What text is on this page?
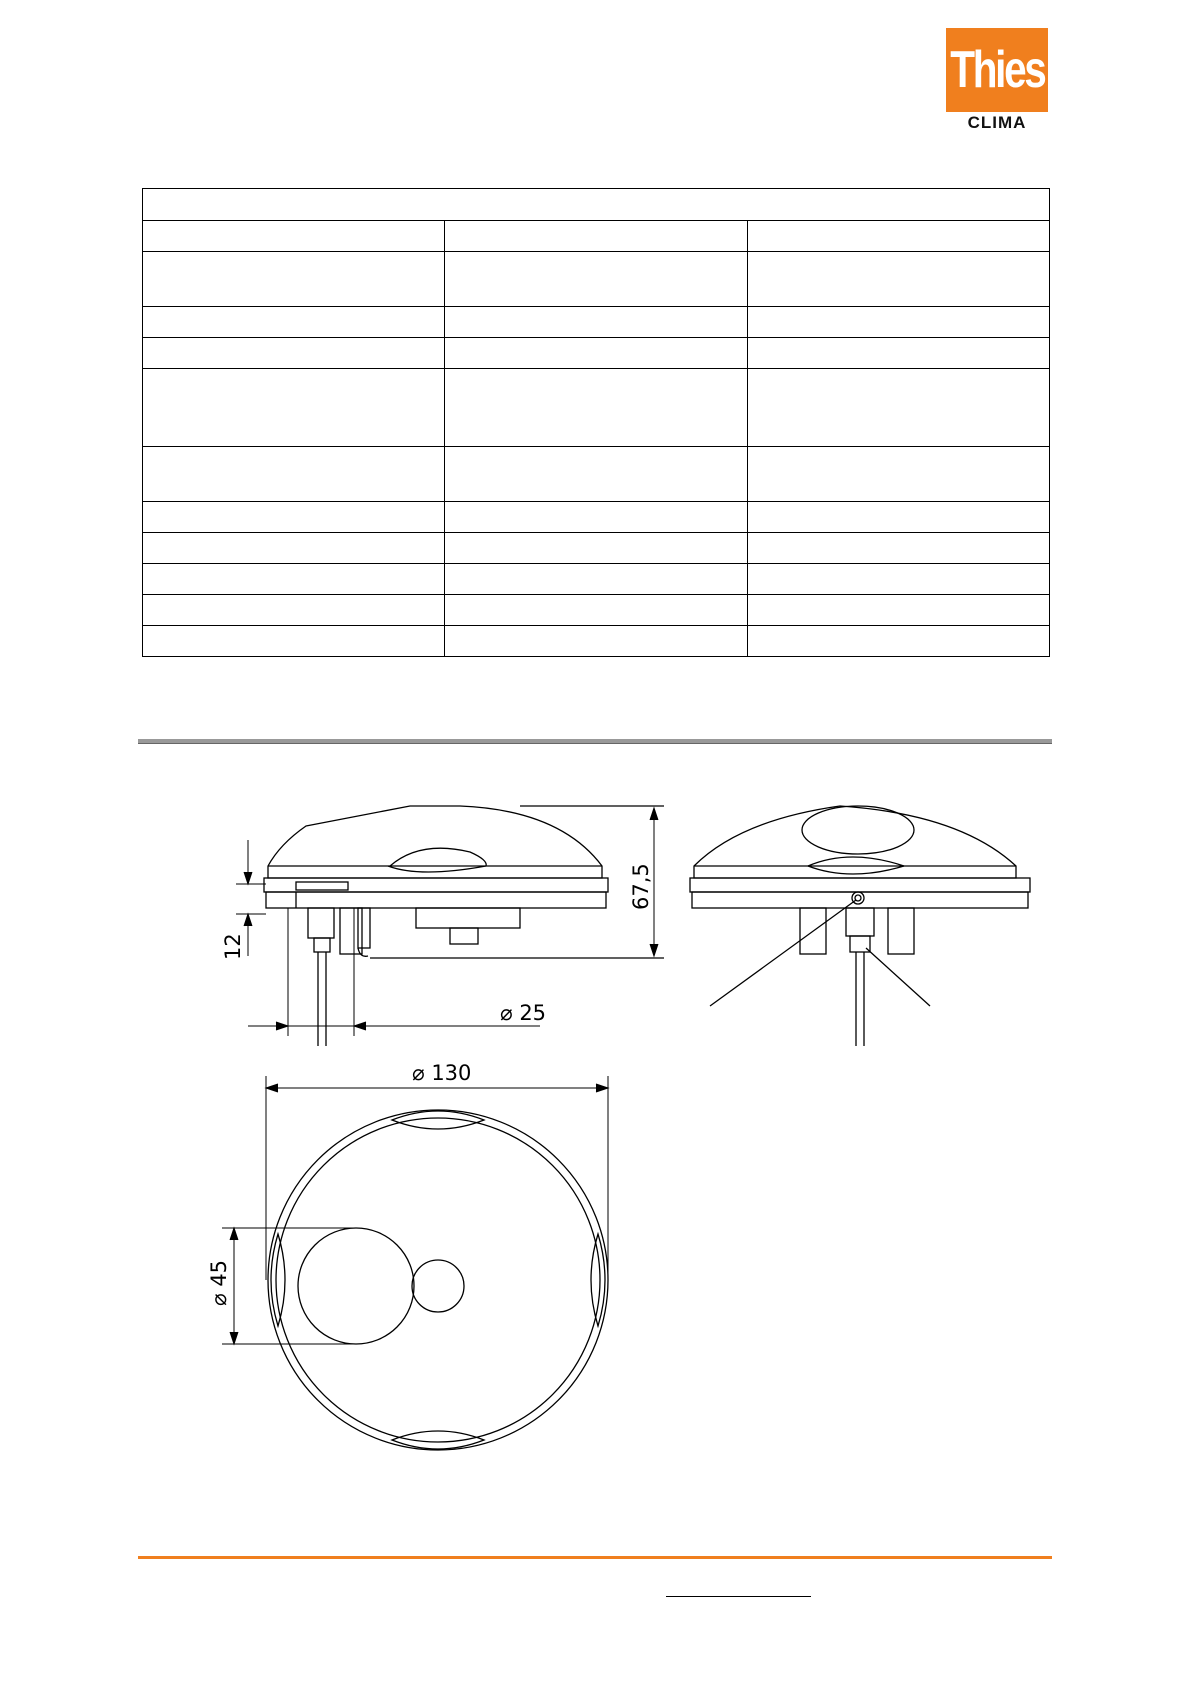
Thies
CLIMA

67,5
12
⌀ 25
⌀ 130
⌀ 45
